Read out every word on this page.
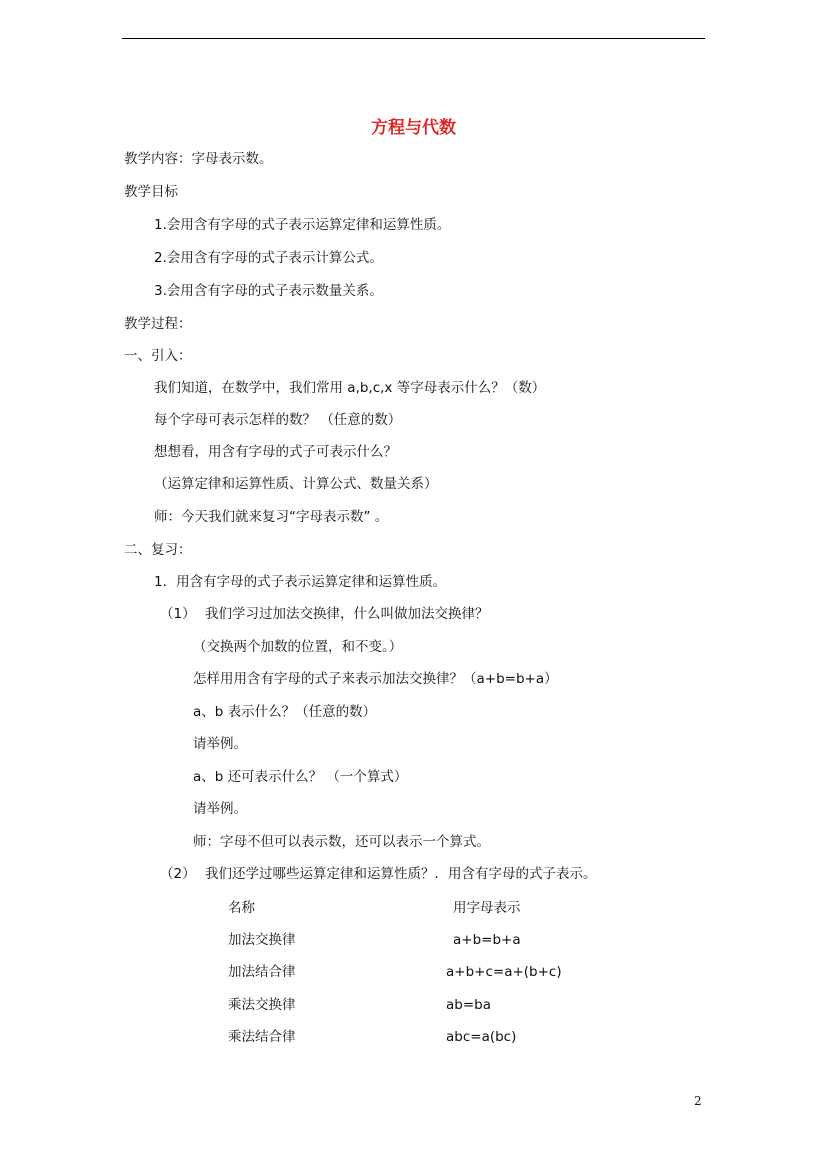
方程与代数
教学内容：字母表示数。
教学目标
1.会用含有字母的式子表示运算定律和运算性质。
2.会用含有字母的式子表示计算公式。
3.会用含有字母的式子表示数量关系。
教学过程：
一、引入：
我们知道，在数学中，我们常用 a,b,c,x 等字母表示什么？（数）
每个字母可表示怎样的数？ （任意的数）
想想看，用含有字母的式子可表示什么？
（运算定律和运算性质、计算公式、数量关系）
师：今天我们就来复习“字母表示数” 。
二、复习：
1．用含有字母的式子表示运算定律和运算性质。
（1） 我们学习过加法交换律，什么叫做加法交换律？
（交换两个加数的位置，和不变。）
怎样用用含有字母的式子来表示加法交换律？（a+b=b+a）
a、b 表示什么？（任意的数）
请举例。
a、b 还可表示什么？ （一个算式）
请举例。
师：字母不但可以表示数，还可以表示一个算式。
（2） 我们还学过哪些运算定律和运算性质？．用含有字母的式子表示。
名称	用字母表示
加法交换律	a+b=b+a
加法结合律	a+b+c=a+(b+c)
乘法交换律	ab=ba
乘法结合律	abc=a(bc)
2
